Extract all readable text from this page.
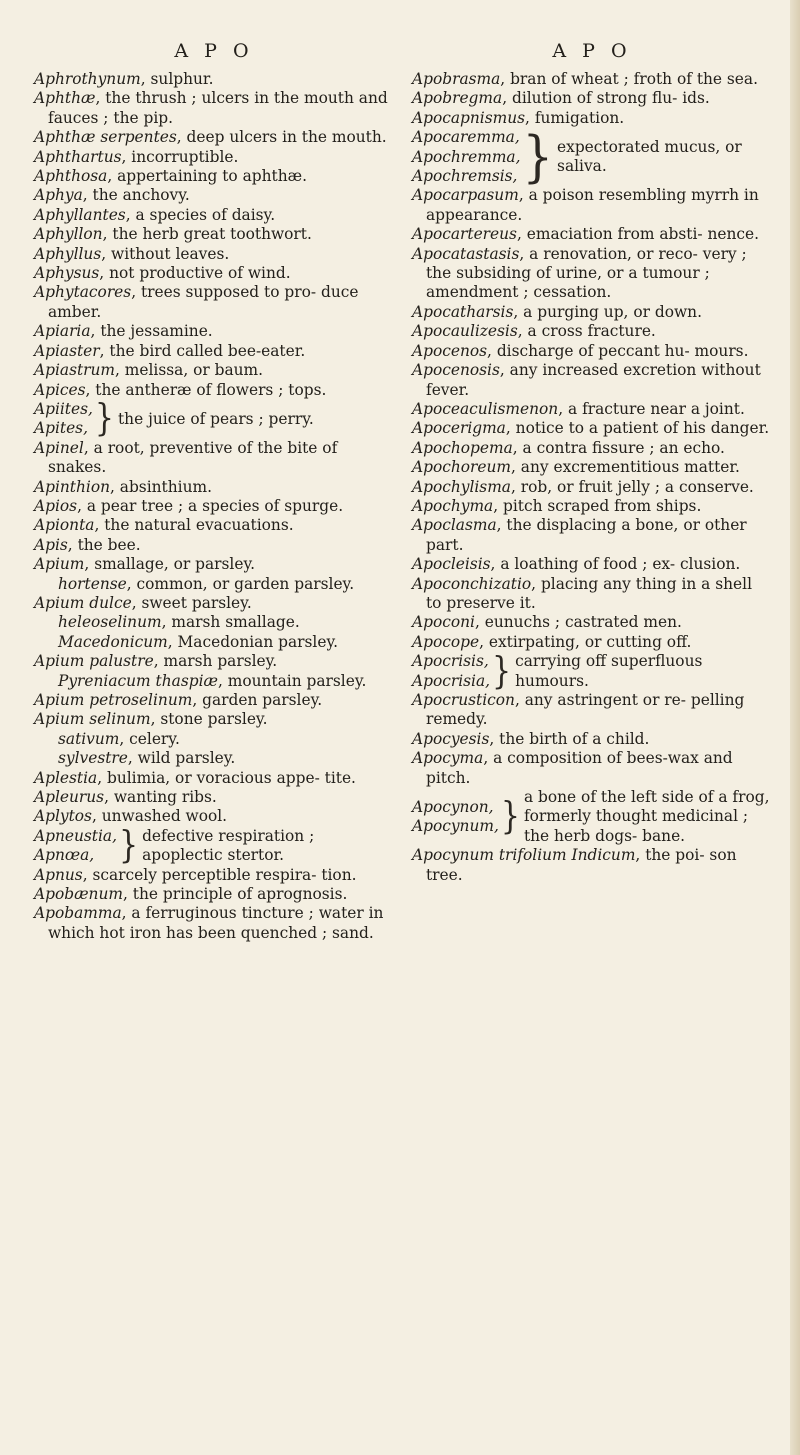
A P O	A P O

Aphrothynum, sulphur.

Aphthæ, the thrush ; ulcers in the mouth and fauces ; the pip.

Aphthæ serpentes, deep ulcers in the mouth.

Aphthartus, incorruptible.

Aphthosa, appertaining to aphthæ.

Aphya, the anchovy.

Aphyllantes, a species of daisy.

Aphyllon, the herb great toothwort.

Aphyllus, without leaves.

Aphysus, not productive of wind.

Aphytacores, trees supposed to pro- duce amber.

Apiaria, the jessamine.

Apiaster, the bird called bee-eater.

Apiastrum, melissa, or baum.

Apices, the antheræ of flowers ; tops.

Apiites,
Apites, } the juice of pears ; perry.

Apinel, a root, preventive of the bite of snakes.

Apinthion, absinthium.

Apios, a pear tree ; a species of spurge.

Apionta, the natural evacuations.

Apis, the bee.

Apium, smallage, or parsley.

hortense, common, or garden parsley.

Apium dulce, sweet parsley.

heleoselinum, marsh smallage.

Macedonicum, Macedonian parsley.

Apium palustre, marsh parsley.

Pyreniacum thaspiæ, mountain parsley.

Apium petroselinum, garden parsley.

Apium selinum, stone parsley.

sativum, celery.

sylvestre, wild parsley.

Aplestia, bulimia, or voracious appe- tite.

Apleurus, wanting ribs.

Aplytos, unwashed wool.

Apneustia,
Apnœa, } defective respiration ; apoplectic stertor.

Apnus, scarcely perceptible respira- tion.

Apobænum, the principle of aprognosis.

Apobamma, a ferruginous tincture ; water in which hot iron has been quenched ; sand.

Apobrasma, bran of wheat ; froth of the sea.

Apobregma, dilution of strong flu- ids.

Apocapnismus, fumigation.

Apocaremma,
Apochremma,
Apochremsis, } expectorated mucus, or saliva.

Apocarpasum, a poison resembling myrrh in appearance.

Apocartereus, emaciation from absti- nence.

Apocatastasis, a renovation, or reco- very ; the subsiding of urine, or a tumour ; amendment ; cessation.

Apocatharsis, a purging up, or down.

Apocaulizesis, a cross fracture.

Apocenos, discharge of peccant hu- mours.

Apocenosis, any increased excretion without fever.

Apoceaculismenon, a fracture near a joint.

Apocerigma, notice to a patient of his danger.

Apochopema, a contra fissure ; an echo.

Apochoreum, any excrementitious matter.

Apochylisma, rob, or fruit jelly ; a conserve.

Apochyma, pitch scraped from ships.

Apoclasma, the displacing a bone, or other part.

Apocleisis, a loathing of food ; ex- clusion.

Apoconchizatio, placing any thing in a shell to preserve it.

Apoconi, eunuchs ; castrated men.

Apocope, extirpating, or cutting off.

Apocrisis,
Apocrisia, } carrying off superfluous humours.

Apocrusticon, any astringent or re- pelling remedy.

Apocyesis, the birth of a child.

Apocyma, a composition of bees-wax and pitch.

Apocynon,
Apocynum, } a bone of the left side of a frog, formerly thought medicinal ; the herb dogs- bane.

Apocynum trifolium Indicum, the poi- son tree.
